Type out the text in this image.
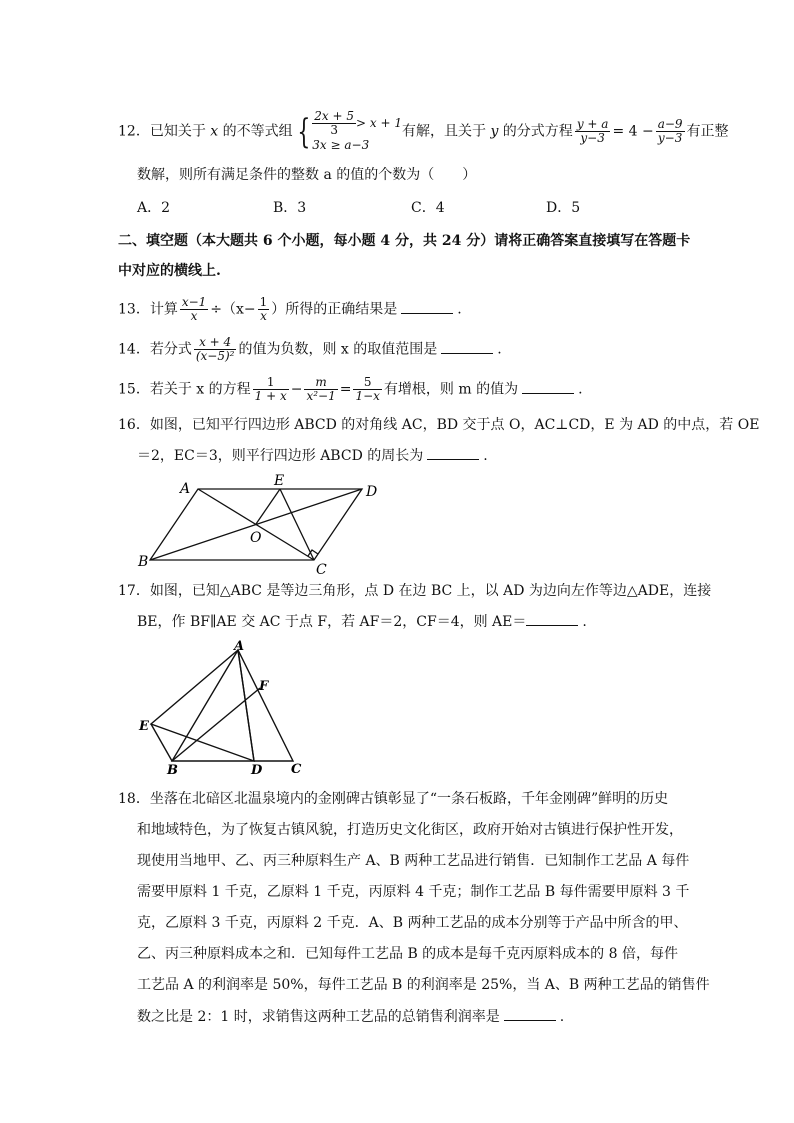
12．已知关于 x 的不等式组 { $\frac{2x + 5}{3} > x + 1$
3x ≥ a−3
有解，且关于 y 的分式方程 $\frac{y + a}{y-3} = 4 - \frac{a-9}{y-3}$ 有正整
数解，则所有满足条件的整数 a 的值的个数为（　　）
A．2	B．3	C．4	D．5
二、填空题（本大题共 6 个小题，每小题 4 分，共 24 分）请将正确答案直接填写在答题卡
中对应的横线上.
13．计算 $\frac{x-1}{x} \div(x- \frac{1}{x}$ ）所得的正确结果是	.
14．若分式 $\frac{x + 4}{\text{(x−5)²}}$ 的值为负数，则 x 的取值范围是	.
15．若关于 x 的方程 $\frac{1}{1 + x} - \frac{m}{\text{x²−1}} = \frac{5}{1-x}$ 有增根，则 m 的值为	.
16．如图，已知平行四边形 ABCD 的对角线 AC，BD 交于点 O，AC⊥CD，E 为 AD 的中点，若 OE
＝2，EC＝3，则平行四边形 ABCD 的周长为	.
A	E
D
B
O
C
17．如图，已知△ABC 是等边三角形，点 D 在边 BC 上，以 AD 为边向左作等边△ADE，连接
BE，作 BF∥AE 交 AC 于点 F，若 AF＝2，CF＝4，则 AE＝	.
A
E
F
B	D C
18．坐落在北碚区北温泉境内的金刚碑古镇彰显了“一条石板路，千年金刚碑”鲜明的历史
和地域特色，为了恢复古镇风貌，打造历史文化街区，政府开始对古镇进行保护性开发，
现使用当地甲、乙、丙三种原料生产 A、B 两种工艺品进行销售．已知制作工艺品 A 每件
需要甲原料 1 千克，乙原料 1 千克，丙原料 4 千克；制作工艺品 B 每件需要甲原料 3 千
克，乙原料 3 千克，丙原料 2 千克．A、B 两种工艺品的成本分别等于产品中所含的甲、
乙、丙三种原料成本之和．已知每件工艺品 B 的成本是每千克丙原料成本的 8 倍，每件
工艺品 A 的利润率是 50%，每件工艺品 B 的利润率是 25%，当 A、B 两种工艺品的销售件
数之比是 2：1 时，求销售这两种工艺品的总销售利润率是	.
